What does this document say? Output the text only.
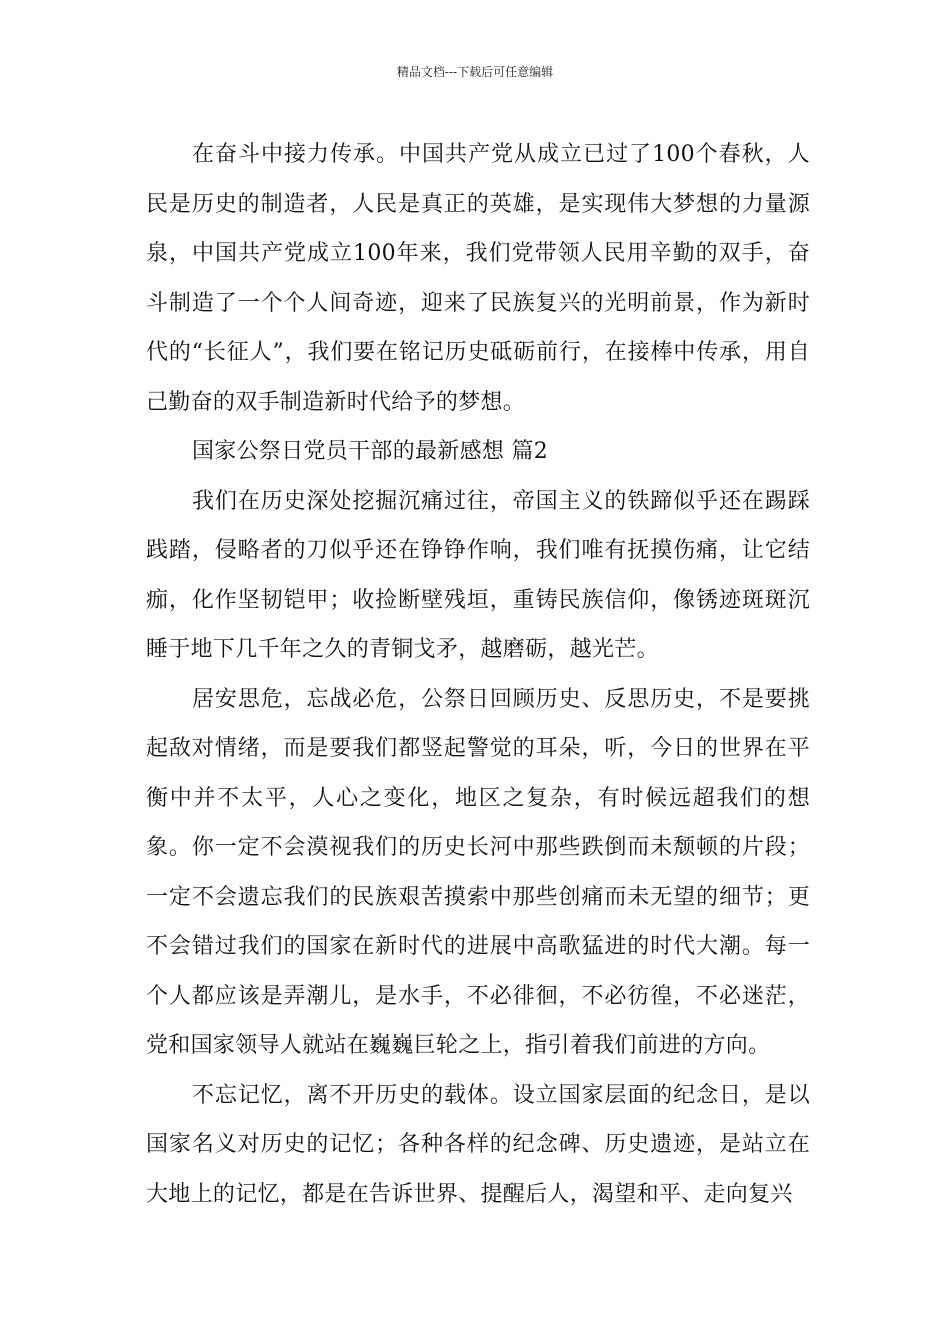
精品文档---下载后可任意编辑

在奋斗中接力传承。中国共产党从成立已过了100个春秋，人民是历史的制造者，人民是真正的英雄，是实现伟大梦想的力量源泉，中国共产党成立100年来，我们党带领人民用辛勤的双手，奋斗制造了一个个人间奇迹，迎来了民族复兴的光明前景，作为新时代的“长征人”，我们要在铭记历史砥砺前行，在接棒中传承，用自己勤奋的双手制造新时代给予的梦想。

国家公祭日党员干部的最新感想 篇2

我们在历史深处挖掘沉痛过往，帝国主义的铁蹄似乎还在踢踩践踏，侵略者的刀似乎还在铮铮作响，我们唯有抚摸伤痛，让它结痂，化作坚韧铠甲；收捡断壁残垣，重铸民族信仰，像锈迹斑斑沉睡于地下几千年之久的青铜戈矛，越磨砺，越光芒。

居安思危，忘战必危，公祭日回顾历史、反思历史，不是要挑起敌对情绪，而是要我们都竖起警觉的耳朵，听，今日的世界在平衡中并不太平，人心之变化，地区之复杂，有时候远超我们的想象。你一定不会漠视我们的历史长河中那些跌倒而未颓顿的片段；一定不会遗忘我们的民族艰苦摸索中那些创痛而未无望的细节；更不会错过我们的国家在新时代的进展中高歌猛进的时代大潮。每一个人都应该是弄潮儿，是水手，不必徘徊，不必彷徨，不必迷茫，党和国家领导人就站在巍巍巨轮之上，指引着我们前进的方向。

不忘记忆，离不开历史的载体。设立国家层面的纪念日，是以国家名义对历史的记忆；各种各样的纪念碑、历史遗迹，是站立在大地上的记忆，都是在告诉世界、提醒后人，渴望和平、走向复兴
